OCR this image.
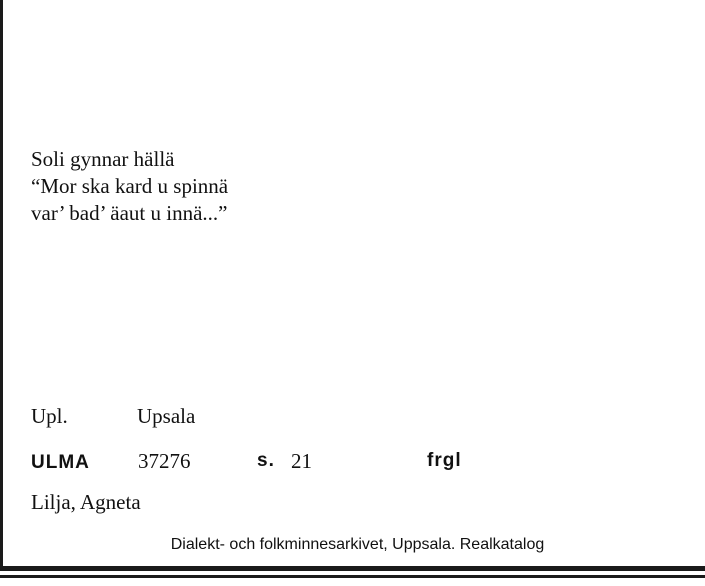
Soli gynnar hällä
“Mor ska kard u spinnä
var’ bad’ äaut u innä...”
Upl.	Upsala
ULMA 37276	s. 21	frgl
Lilja, Agneta
Dialekt- och folkminnesarkivet, Uppsala. Realkatalog
